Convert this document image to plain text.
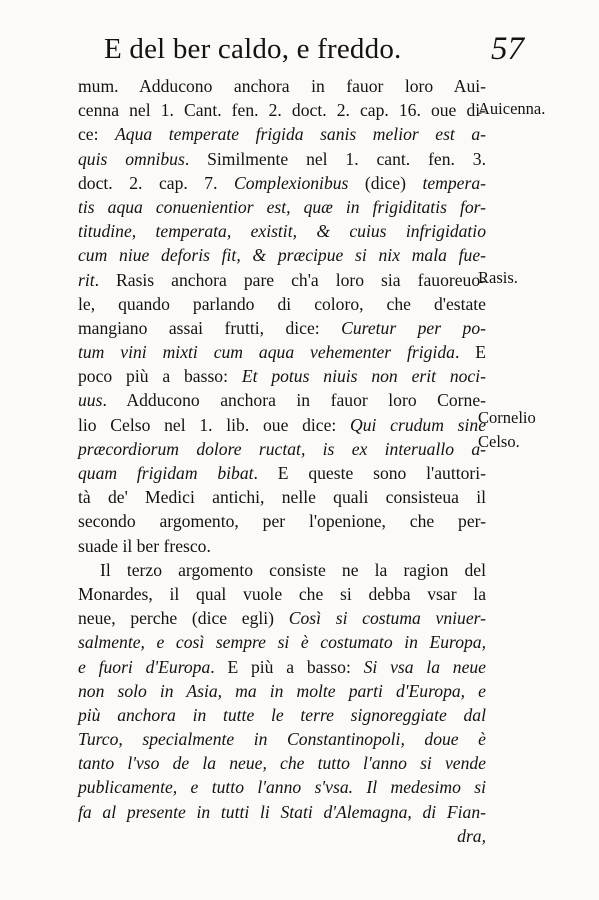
E del ber caldo, e freddo.	57
mum. Adducono anchora in fauor loro Aui-
cenna nel 1. Cant. fen. 2. doct. 2. cap. 16. oue di-
ce: Aqua temperate frigida sanis melior est a-
quis omnibus. Similmente nel 1. cant. fen. 3.
doct. 2. cap. 7. Complexionibus (dice) temperа-
tis aqua conuenientior est, quæ in frigiditatis for-
titudine, temperata, existit, & cuius infrigidatio
cum niue deforis fit, & præcipue si nix mala fue-
rit. Rasis anchora pare ch'a loro sia fauoreuo-
le, quando parlando di coloro, che d'estate
mangiano assai frutti, dice: Curetur per po-
tum vini mixti cum aqua vehementer frigida. E
poco più a basso: Et potus niuis non erit noci-
uus. Adducono anchora in fauor loro Corne-
lio Celso nel 1. lib. oue dice: Qui crudum sine
præcordiorum dolore ructat, is ex interuallo a-
quam frigidam bibat. E queste sono l'auttori-
tà de' Medici antichi, nelle quali consisteua il
secondo argomento, per l'openione, che per-
suade il ber fresco.
Il terzo argomento consiste ne la ragion del
Monardes, il qual vuole che si debba vsar la
neue, perche (dice egli) Così si costuma vniuer-
salmente, e così sempre si è costumato in Europa,
e fuori d'Europa. E più a basso: Si vsa la neue
non solo in Asia, ma in molte parti d'Europa, e
più anchora in tutte le terre signoreggiate dal
Turco, specialmente in Constantinopoli, doue è
tanto l'vso de la neue, che tutto l'anno si vende
publicamente, e tutto l'anno s'vsa. Il medesimo si
fa al presente in tutti li Stati d'Alemagna, di Fian-
dra,
Auicenna.
Rasis.
Cornelio
Celso.
